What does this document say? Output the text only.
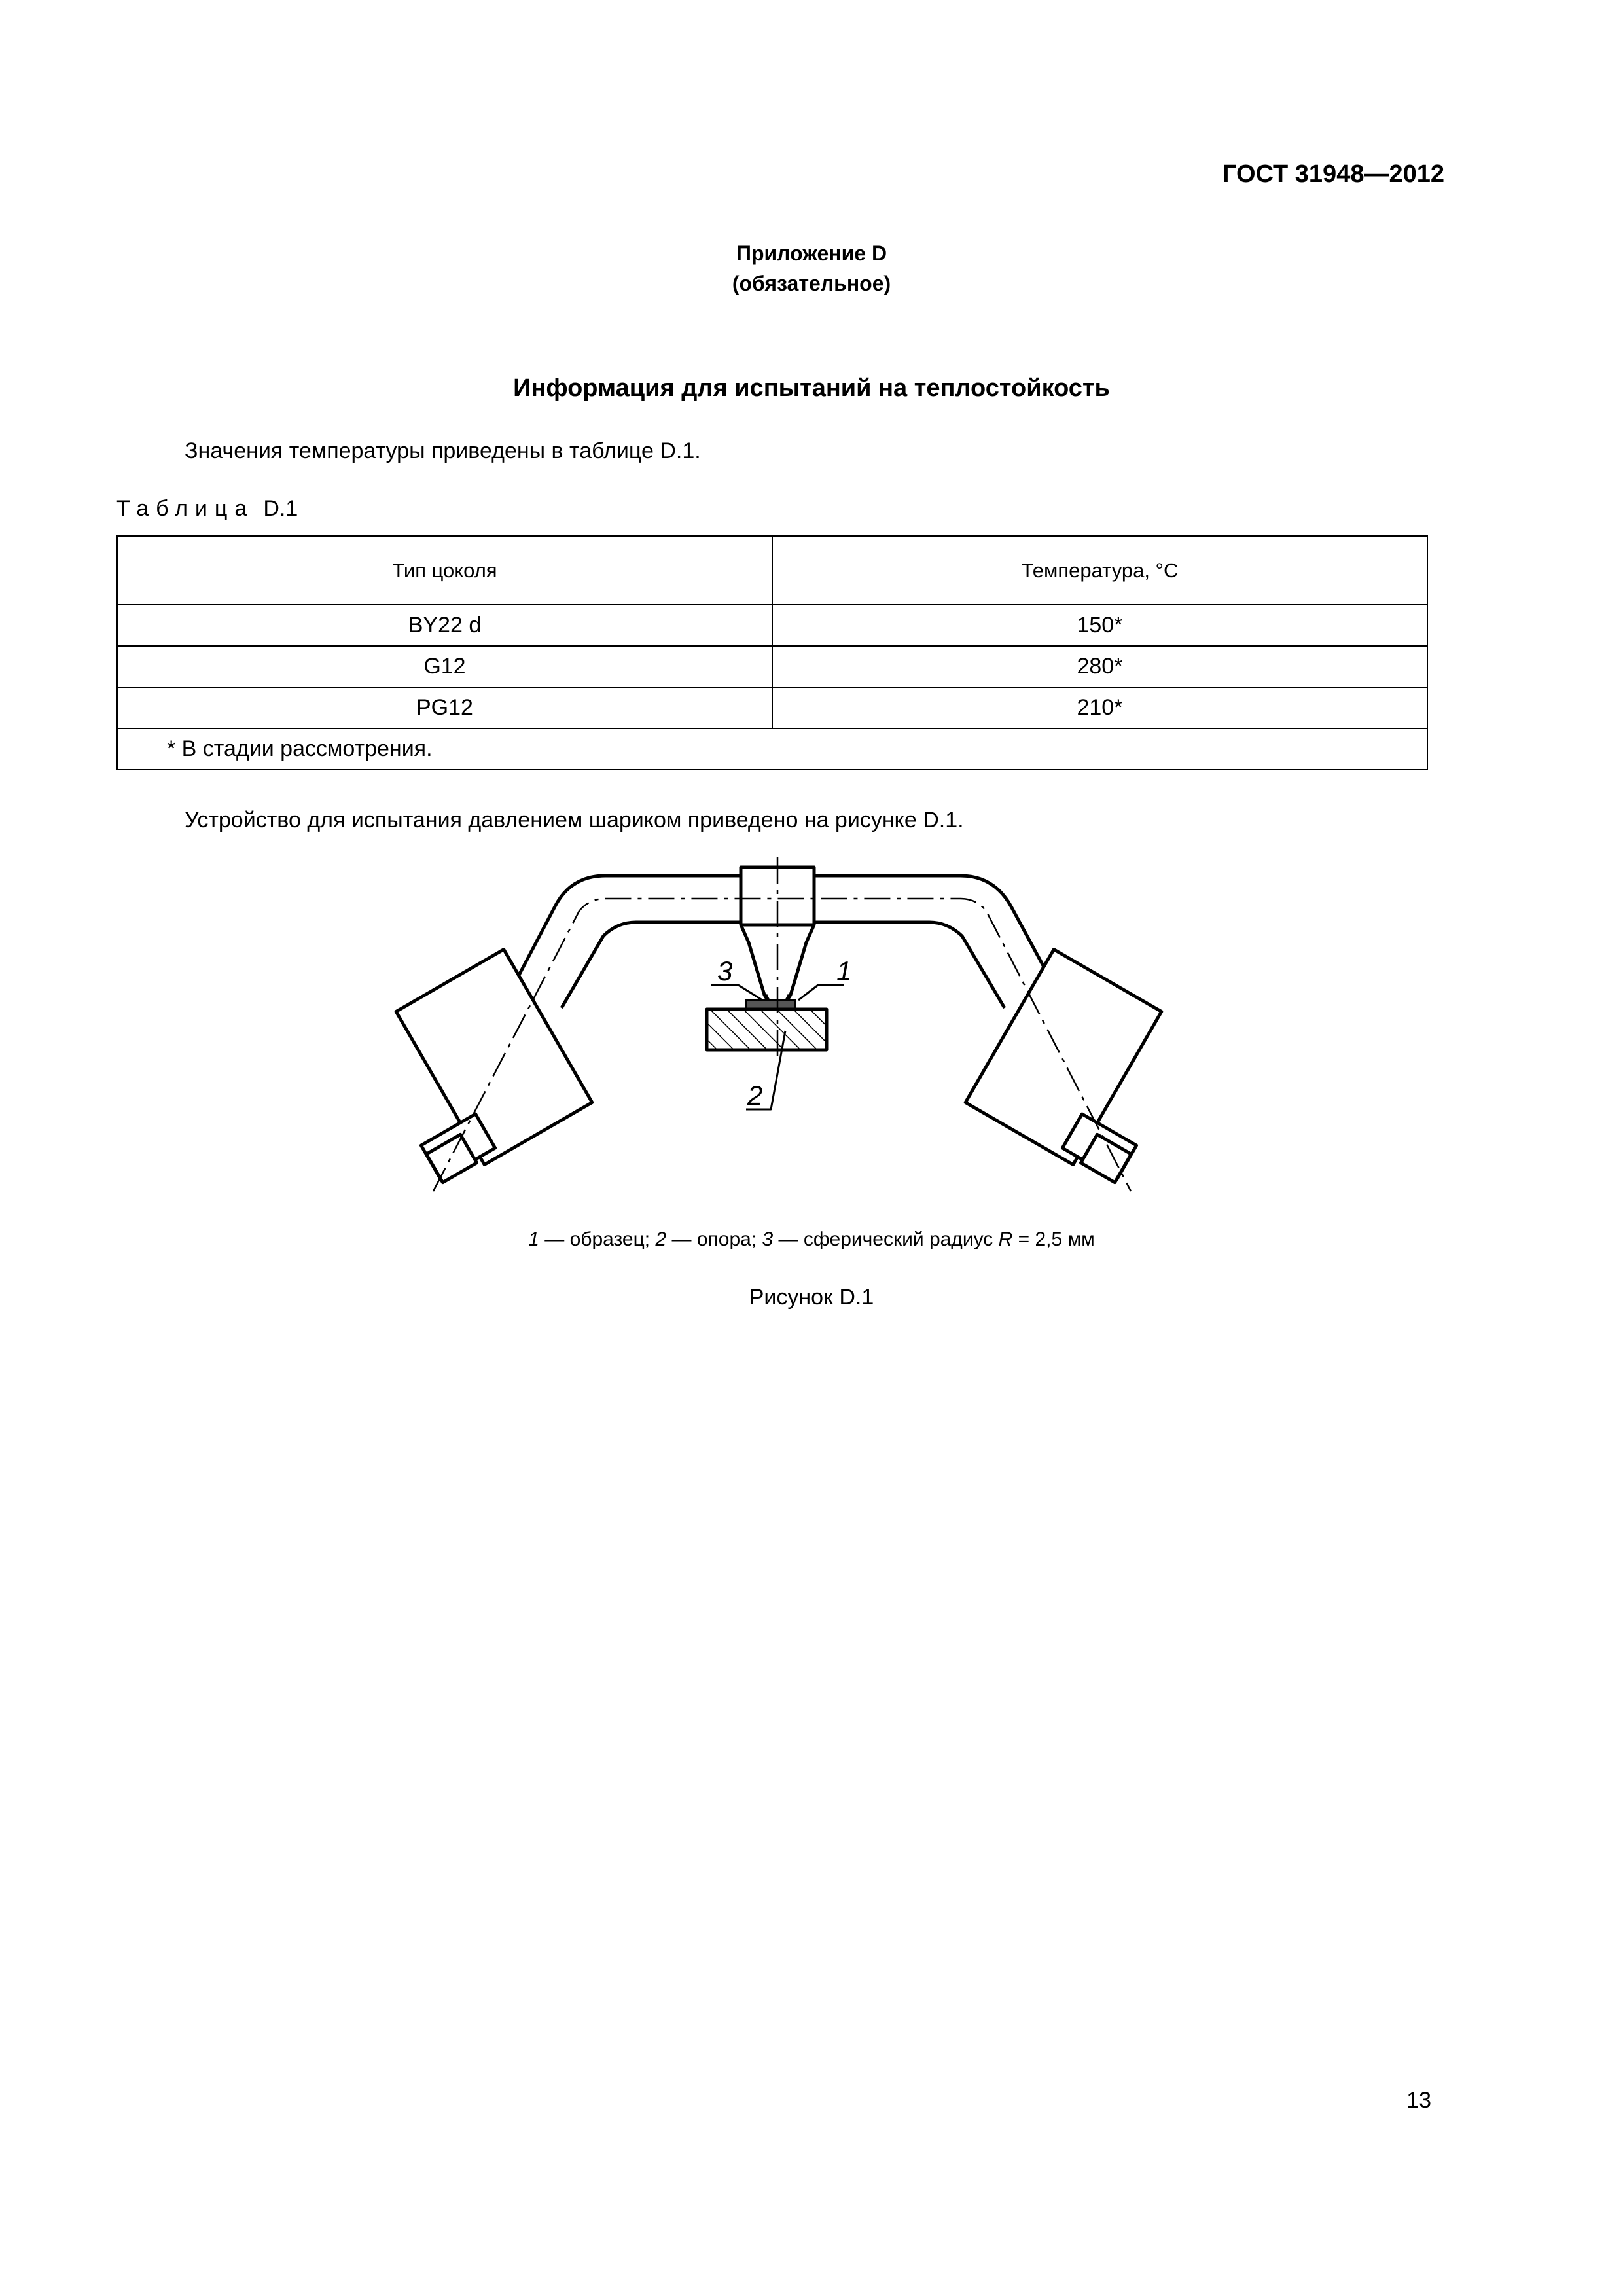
ГОСТ 31948—2012
Приложение D
(обязательное)
Информация для испытаний на теплостойкость
Значения температуры приведены в таблице D.1.
Таблица D.1
Тип цоколя	Температура, °C
BY22 d	150*
G12	280*
PG12	210*
* В стадии рассмотрения.	
Устройство для испытания давлением шариком приведено на рисунке D.1.
3	1
2
1 — образец; 2 — опора; 3 — сферический радиус R = 2,5 мм
Рисунок D.1
13
